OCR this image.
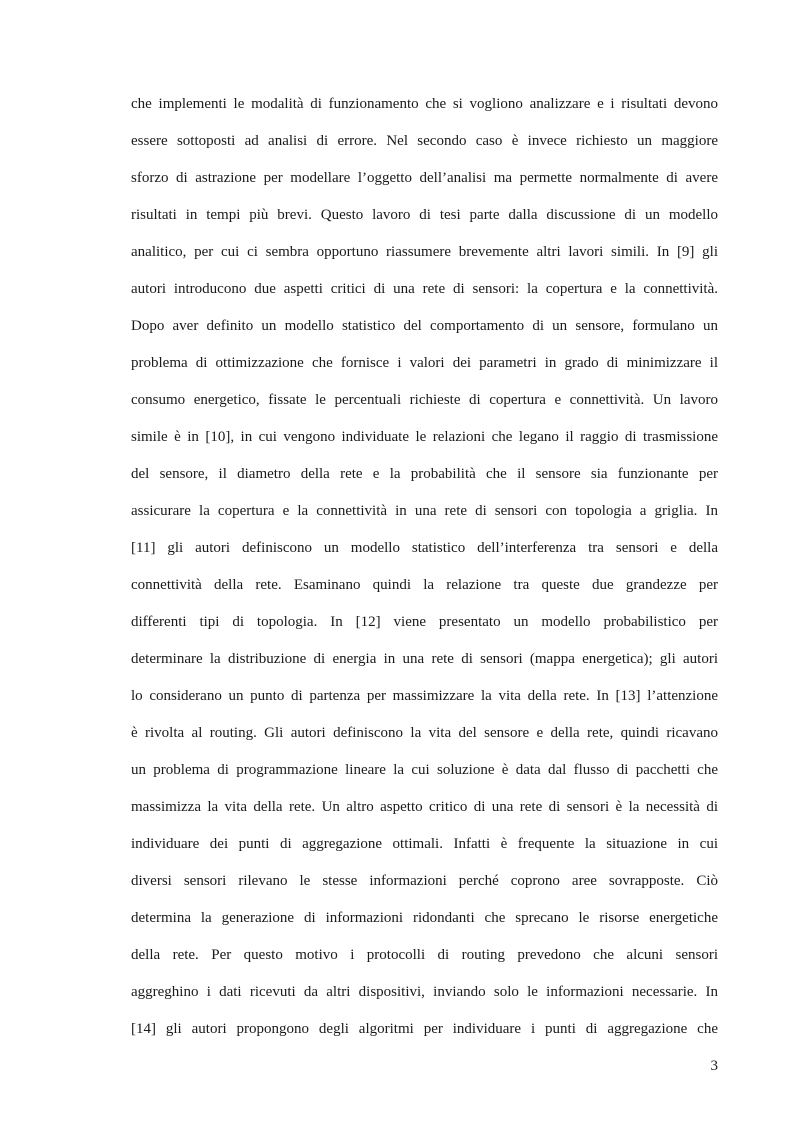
che implementi le modalità di funzionamento che si vogliono analizzare e i risultati devono
essere sottoposti ad analisi di errore. Nel secondo caso è invece richiesto un maggiore
sforzo di astrazione per modellare l’oggetto dell’analisi ma permette normalmente di avere
risultati in tempi più brevi. Questo lavoro di tesi parte dalla discussione di un modello
analitico, per cui ci sembra opportuno riassumere brevemente altri lavori simili. In [9] gli
autori introducono due aspetti critici di una rete di sensori: la copertura e la connettività.
Dopo aver definito un modello statistico del comportamento di un sensore, formulano un
problema di ottimizzazione che fornisce i valori dei parametri in grado di minimizzare il
consumo energetico, fissate le percentuali richieste di copertura e connettività. Un lavoro
simile è in [10], in cui vengono individuate le relazioni che legano il raggio di trasmissione
del sensore, il diametro della rete e la probabilità che il sensore sia funzionante per
assicurare la copertura e la connettività in una rete di sensori con topologia a griglia. In
[11] gli autori definiscono un modello statistico dell’interferenza tra sensori e della
connettività della rete. Esaminano quindi la relazione tra queste due grandezze per
differenti tipi di topologia. In [12] viene presentato un modello probabilistico per
determinare la distribuzione di energia in una rete di sensori (mappa energetica); gli autori
lo considerano un punto di partenza per massimizzare la vita della rete. In [13] l’attenzione
è rivolta al routing. Gli autori definiscono la vita del sensore e della rete, quindi ricavano
un problema di programmazione lineare la cui soluzione è data dal flusso di pacchetti che
massimizza la vita della rete. Un altro aspetto critico di una rete di sensori è la necessità di
individuare dei punti di aggregazione ottimali. Infatti è frequente la situazione in cui
diversi sensori rilevano le stesse informazioni perché coprono aree sovrapposte. Ciò
determina la generazione di informazioni ridondanti che sprecano le risorse energetiche
della rete. Per questo motivo i protocolli di routing prevedono che alcuni sensori
aggreghino i dati ricevuti da altri dispositivi, inviando solo le informazioni necessarie. In
[14] gli autori propongono degli algoritmi per individuare i punti di aggregazione che
3
